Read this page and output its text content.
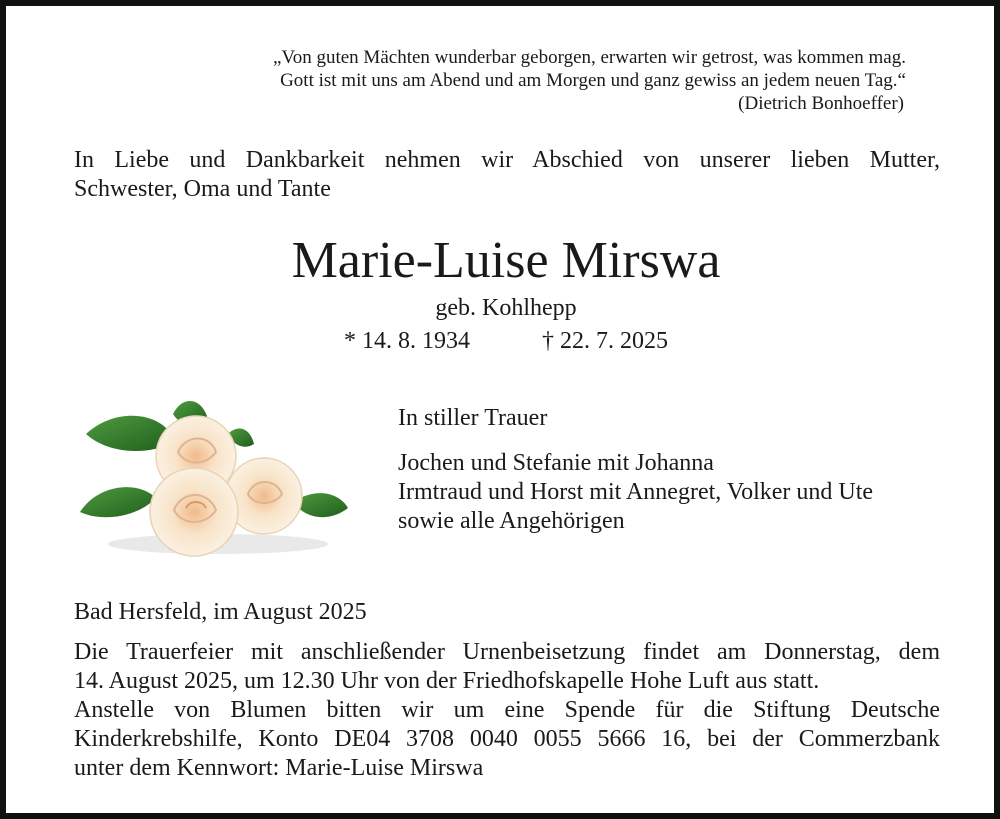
„Von guten Mächten wunderbar geborgen, erwarten wir getrost, was kommen mag.
Gott ist mit uns am Abend und am Morgen und ganz gewiss an jedem neuen Tag.“
(Dietrich Bonhoeffer)
In Liebe und Dankbarkeit nehmen wir Abschied von unserer lieben Mutter,
Schwester, Oma und Tante
Marie-Luise Mirswa
geb. Kohlhepp
* 14. 8. 1934	† 22. 7. 2025
In stiller Trauer
Jochen und Stefanie mit Johanna
Irmtraud und Horst mit Annegret, Volker und Ute
sowie alle Angehörigen
Bad Hersfeld, im August 2025
Die Trauerfeier mit anschließender Urnenbeisetzung findet am Donnerstag, dem
14. August 2025, um 12.30 Uhr von der Friedhofskapelle Hohe Luft aus statt.
Anstelle von Blumen bitten wir um eine Spende für die Stiftung Deutsche
Kinderkrebshilfe, Konto DE04 3708 0040 0055 5666 16, bei der Commerzbank
unter dem Kennwort: Marie-Luise Mirswa
